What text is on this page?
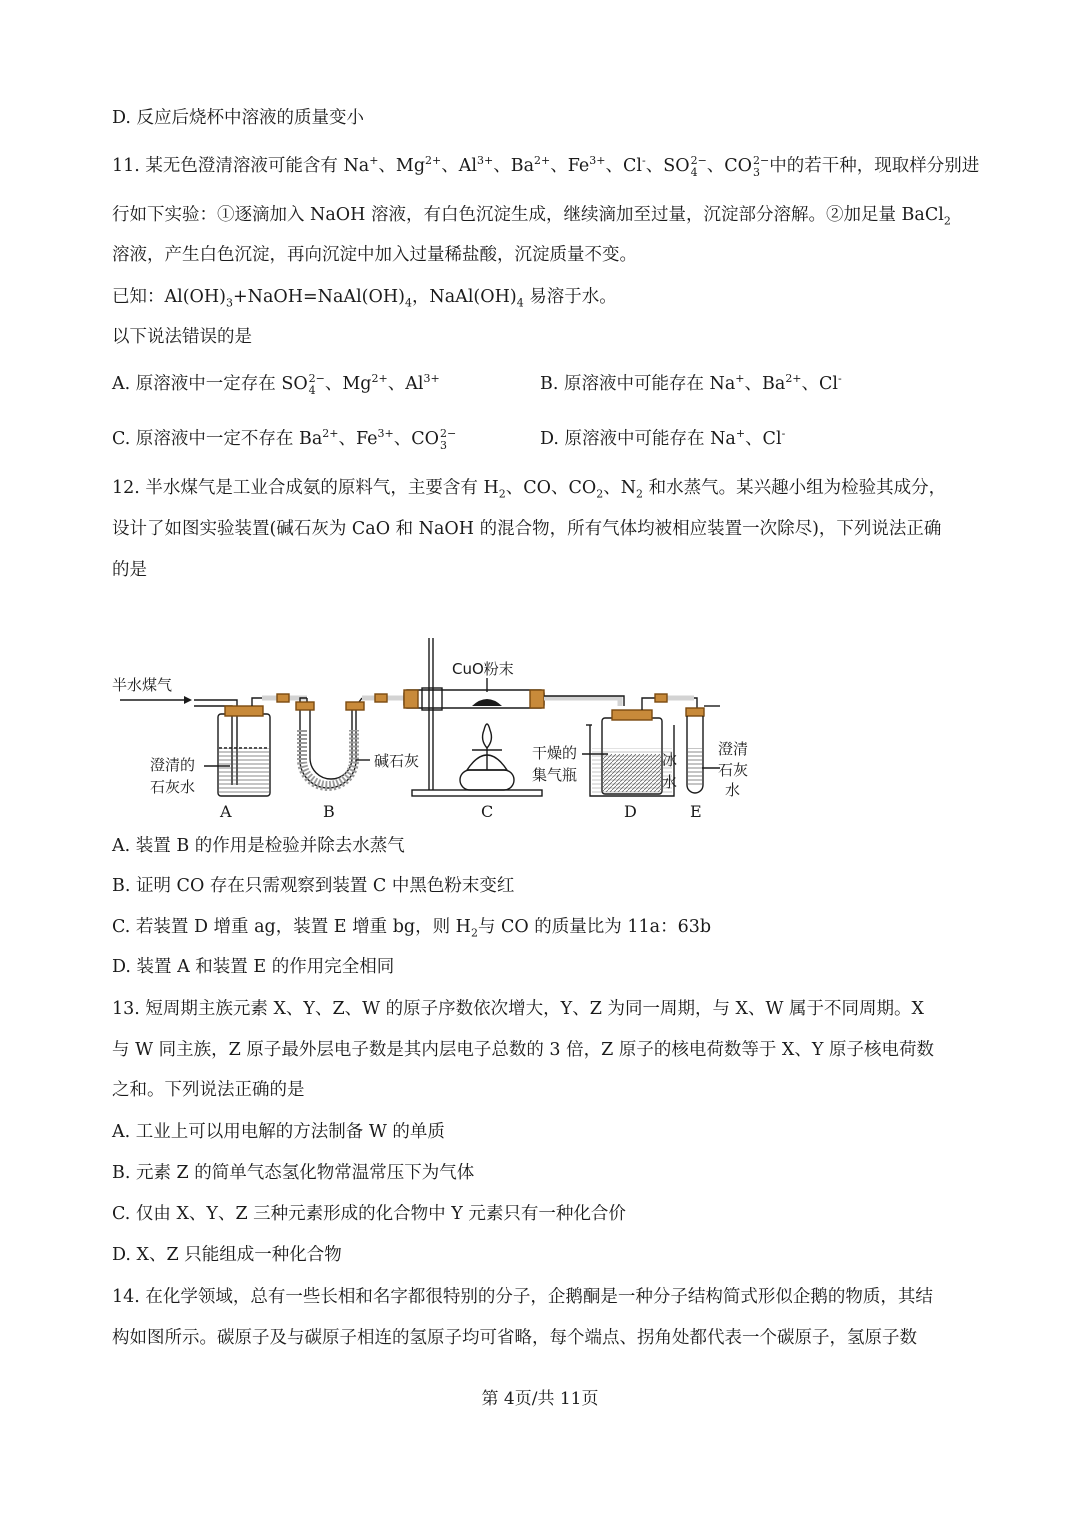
D. 反应后烧杯中溶液的质量变小
11. 某无色澄清溶液可能含有 Na+、$Mg^{2+}$、$Al^{3+}$、$Ba^{2+}$、$Fe^{3+}$、Cl-、SO 2−
4 、CO 2−
3 中的若干种，现取样分别进
行如下实验：①逐滴加入 NaOH 溶液，有白色沉淀生成，继续滴加至过量，沉淀部分溶解。②加足量 BaCl$_2$
溶液，产生白色沉淀，再向沉淀中加入过量稀盐酸，沉淀质量不变。
已知：$Al(OH)_3+NaOH=NaAl(OH)_4$，$NaAl(OH)_4$ 易溶于水。
以下说法错误的是
A. 原溶液中一定存在 SO 2−
4 、$Mg^{2+}$、$Al^{3+}$	B. 原溶液中可能存在 Na+、$Ba^{2+}$、Cl-
C. 原溶液中一定不存在 $Ba^{2+}$、$Fe^{3+}$、CO 2−
3	D. 原溶液中可能存在 Na+、Cl-
12. 半水煤气是工业合成氨的原料气，主要含有 $H_2$、CO、$CO_2$、$N_2$ 和水蒸气。某兴趣小组为检验其成分，
设计了如图实验装置(碱石灰为 CaO 和 NaOH 的混合物，所有气体均被相应装置一次除尽)，下列说法正确
的是
半水煤气
CuO粉末
澄清的
石灰水
碱石灰	干燥的
集气瓶
冰
水
澄清
石灰
水
A	B	C	D	E
A. 装置 B 的作用是检验并除去水蒸气
B. 证明 CO 存在只需观察到装置 C 中黑色粉末变红
C. 若装置 D 增重 ag，装置 E 增重 bg，则 $H_2$与 CO 的质量比为 11a：63b
D. 装置 A 和装置 E 的作用完全相同
13. 短周期主族元素 X、Y、Z、W 的原子序数依次增大，Y、Z 为同一周期，与 X、W 属于不同周期。X
与 W 同主族，Z 原子最外层电子数是其内层电子总数的 3 倍，Z 原子的核电荷数等于 X、Y 原子核电荷数
之和。下列说法正确的是
A. 工业上可以用电解的方法制备 W 的单质
B. 元素 Z 的简单气态氢化物常温常压下为气体
C. 仅由 X、Y、Z 三种元素形成的化合物中 Y 元素只有一种化合价
D. X、Z 只能组成一种化合物
14. 在化学领域，总有一些长相和名字都很特别的分子，企鹅酮是一种分子结构简式形似企鹅的物质，其结
构如图所示。碳原子及与碳原子相连的氢原子均可省略，每个端点、拐角处都代表一个碳原子，氢原子数
第 4页/共 11页
